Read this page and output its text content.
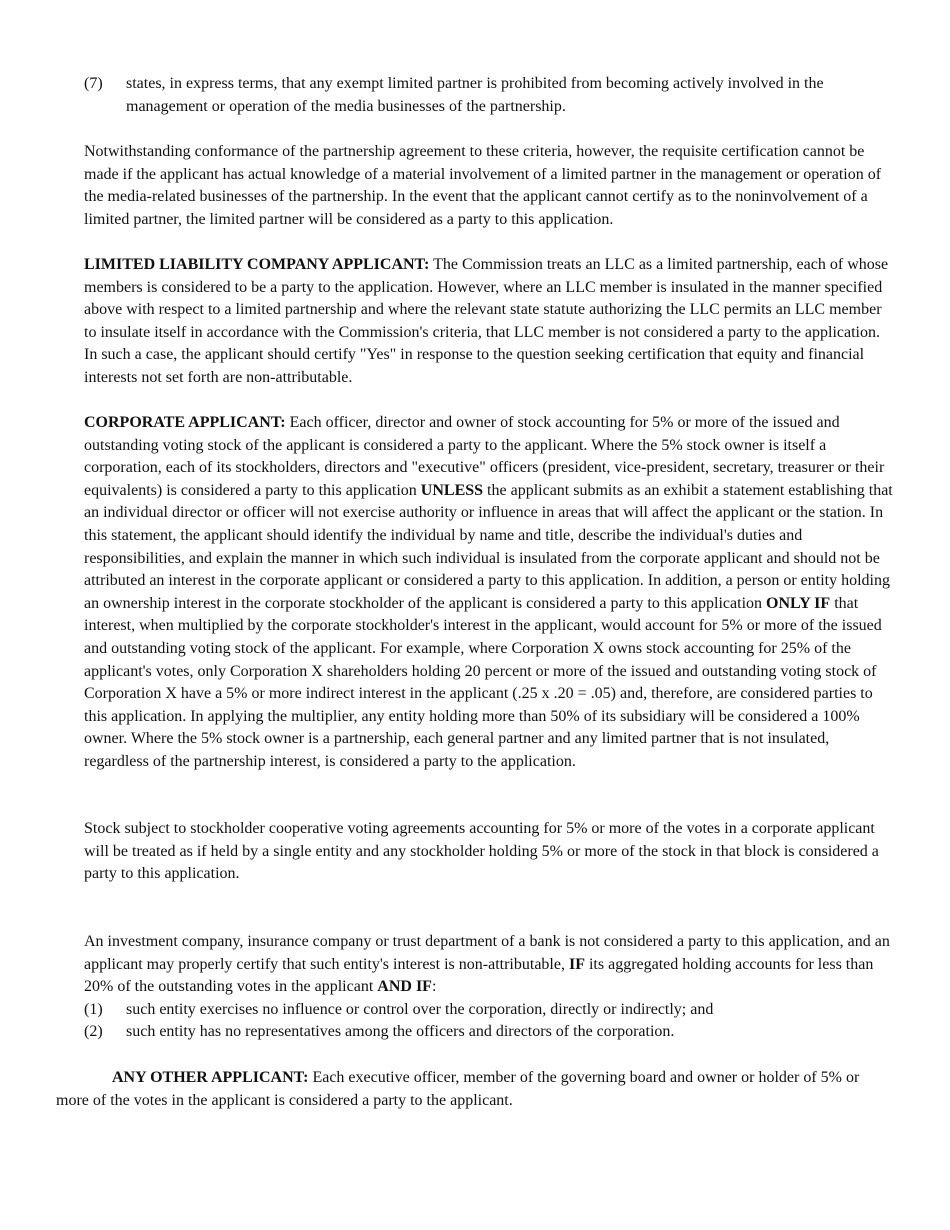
(7)	states, in express terms, that any exempt limited partner is prohibited from becoming actively involved in the management or operation of the media businesses of the partnership.

Notwithstanding conformance of the partnership agreement to these criteria, however, the requisite certification cannot be made if the applicant has actual knowledge of a material involvement of a limited partner in the management or operation of the media-related businesses of the partnership. In the event that the applicant cannot certify as to the noninvolvement of a limited partner, the limited partner will be considered as a party to this application.

LIMITED LIABILITY COMPANY APPLICANT: The Commission treats an LLC as a limited partnership, each of whose members is considered to be a party to the application. However, where an LLC member is insulated in the manner specified above with respect to a limited partnership and where the relevant state statute authorizing the LLC permits an LLC member to insulate itself in accordance with the Commission's criteria, that LLC member is not considered a party to the application. In such a case, the applicant should certify "Yes" in response to the question seeking certification that equity and financial interests not set forth are non-attributable.

CORPORATE APPLICANT: Each officer, director and owner of stock accounting for 5% or more of the issued and outstanding voting stock of the applicant is considered a party to the applicant. Where the 5% stock owner is itself a corporation, each of its stockholders, directors and "executive" officers (president, vice-president, secretary, treasurer or their equivalents) is considered a party to this application UNLESS the applicant submits as an exhibit a statement establishing that an individual director or officer will not exercise authority or influence in areas that will affect the applicant or the station. In this statement, the applicant should identify the individual by name and title, describe the individual's duties and responsibilities, and explain the manner in which such individual is insulated from the corporate applicant and should not be attributed an interest in the corporate applicant or considered a party to this application. In addition, a person or entity holding an ownership interest in the corporate stockholder of the applicant is considered a party to this application ONLY IF that interest, when multiplied by the corporate stockholder's interest in the applicant, would account for 5% or more of the issued and outstanding voting stock of the applicant. For example, where Corporation X owns stock accounting for 25% of the applicant's votes, only Corporation X shareholders holding 20 percent or more of the issued and outstanding voting stock of Corporation X have a 5% or more indirect interest in the applicant (.25 x .20 = .05) and, therefore, are considered parties to this application. In applying the multiplier, any entity holding more than 50% of its subsidiary will be considered a 100% owner. Where the 5% stock owner is a partnership, each general partner and any limited partner that is not insulated, regardless of the partnership interest, is considered a party to the application.

Stock subject to stockholder cooperative voting agreements accounting for 5% or more of the votes in a corporate applicant will be treated as if held by a single entity and any stockholder holding 5% or more of the stock in that block is considered a party to this application.

An investment company, insurance company or trust department of a bank is not considered a party to this application, and an applicant may properly certify that such entity's interest is non-attributable, IF its aggregated holding accounts for less than 20% of the outstanding votes in the applicant AND IF:

(1)	such entity exercises no influence or control over the corporation, directly or indirectly; and
(2)	such entity has no representatives among the officers and directors of the corporation.

ANY OTHER APPLICANT: Each executive officer, member of the governing board and owner or holder of 5% or more of the votes in the applicant is considered a party to the applicant.
